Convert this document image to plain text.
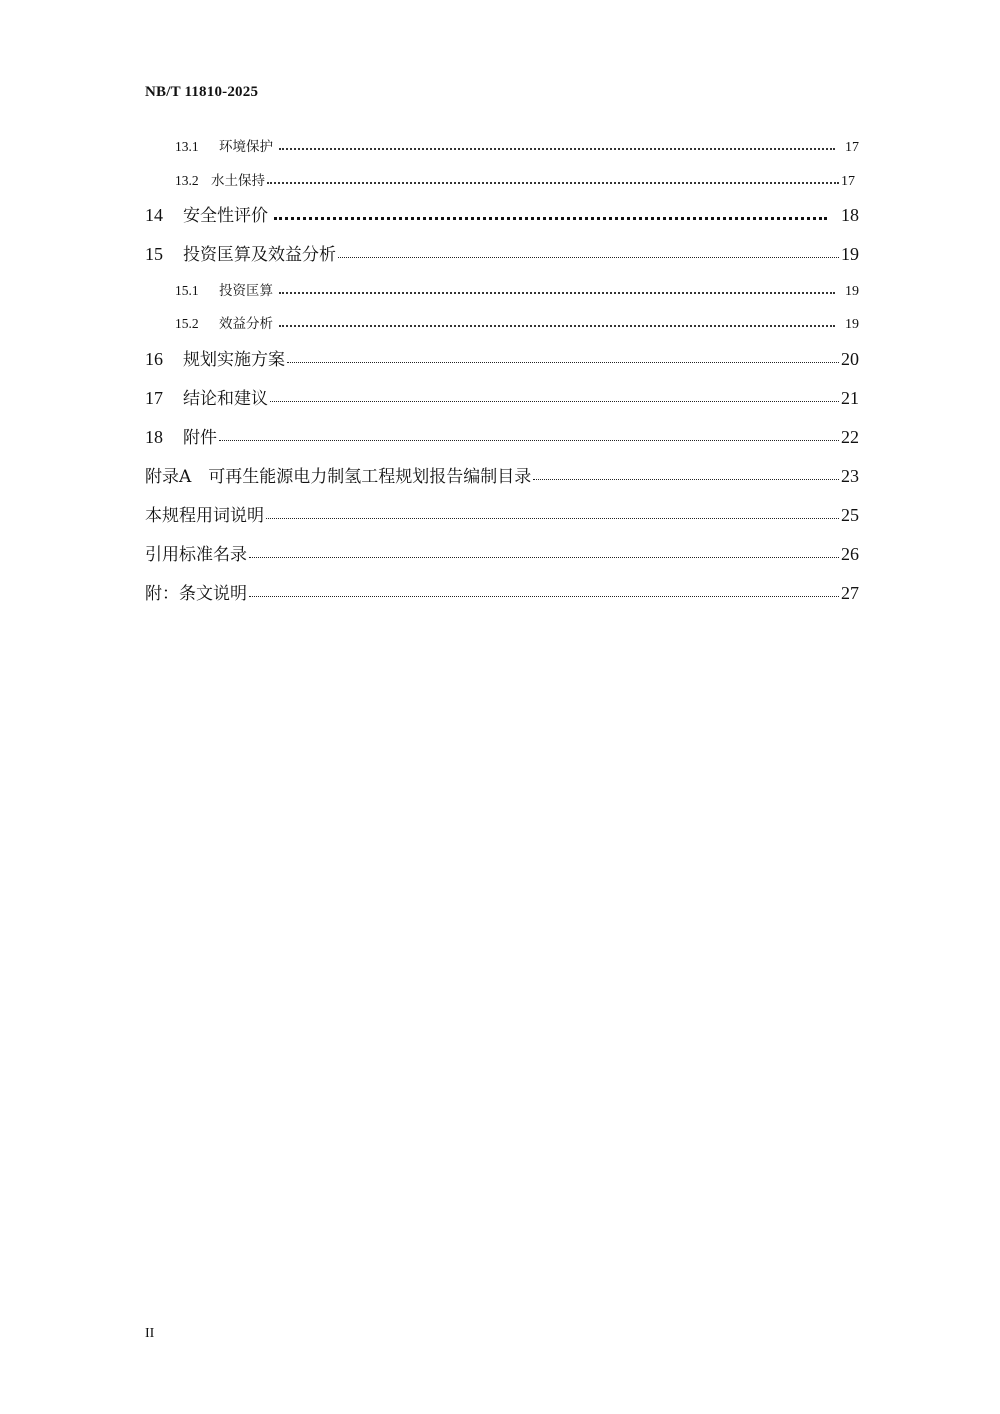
NB/T 11810-2025
13.1	环境保护	17
13.2 水土保持	17
14	安全性评价	18
15	投资匡算及效益分析	19
15.1	投资匡算	19
15.2	效益分析	19
16	规划实施方案	20
17	结论和建议	21
18	附件	22
附录A　可再生能源电力制氢工程规划报告编制目录	23
本规程用词说明	25
引用标准名录	26
附：条文说明	27
II
